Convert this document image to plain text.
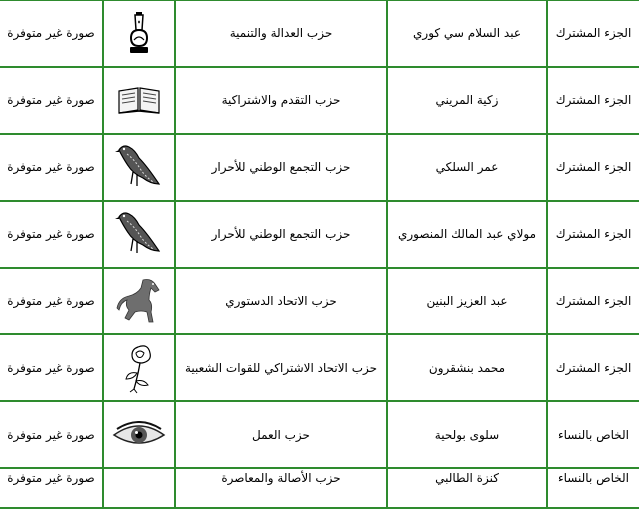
صورة غير متوفرة		حزب العدالة والتنمية	عبد السلام سي كوري	الجزء المشترك
صورة غير متوفرة		حزب التقدم والاشتراكية	زكية المريني	الجزء المشترك
صورة غير متوفرة		حزب التجمع الوطني للأحرار	عمر السلكي	الجزء المشترك
صورة غير متوفرة		حزب التجمع الوطني للأحرار	مولاي عبد المالك المنصوري	الجزء المشترك
صورة غير متوفرة		حزب الاتحاد الدستوري	عبد العزيز البنين	الجزء المشترك
صورة غير متوفرة		حزب الاتحاد الاشتراكي للقوات الشعبية	محمد بنشقرون	الجزء المشترك
صورة غير متوفرة		حزب العمل	سلوى بولحية	الخاص بالنساء
صورة غير متوفرة		حزب الأصالة والمعاصرة	كنزة الطالبي	الخاص بالنساء
